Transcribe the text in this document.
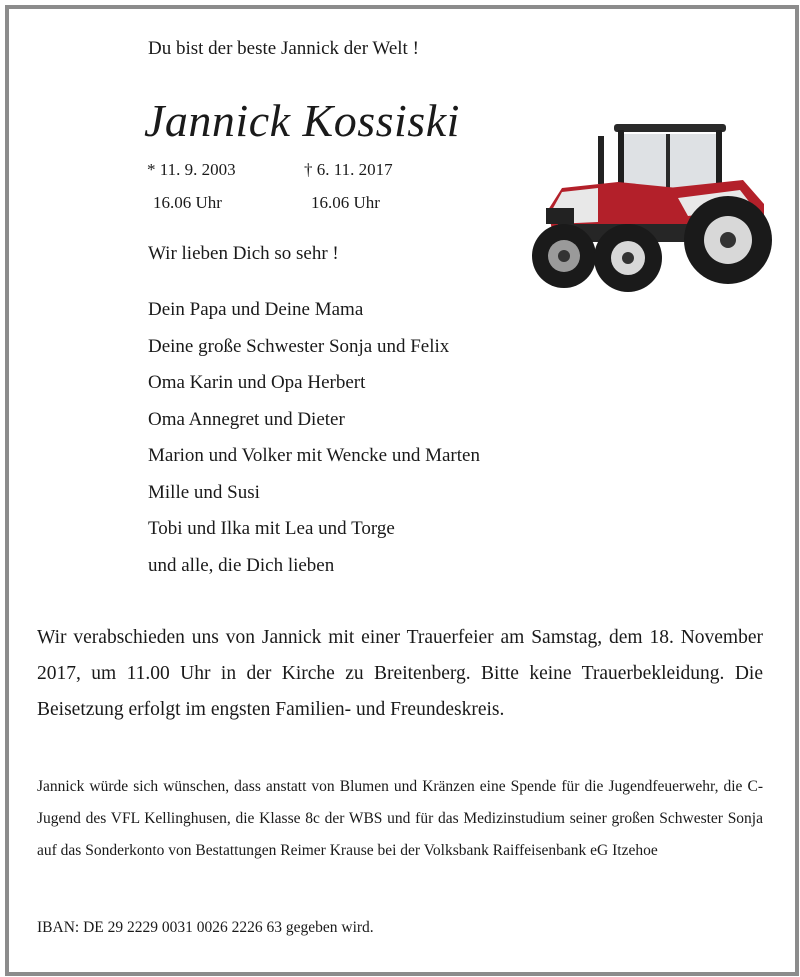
Du bist der beste Jannick der Welt !
Jannick Kossiski
* 11. 9. 2003	† 6. 11. 2017
16.06 Uhr	16.06 Uhr
Wir lieben Dich so sehr !
Dein Papa und Deine Mama
Deine große Schwester Sonja und Felix
Oma Karin und Opa Herbert
Oma Annegret und Dieter
Marion und Volker mit Wencke und Marten
Mille und Susi
Tobi und Ilka mit Lea und Torge
und alle, die Dich lieben

Wir verabschieden uns von Jannick mit einer Trauerfeier am Samstag, dem 18. November 2017, um 11.00 Uhr in der Kirche zu Breitenberg. Bitte keine Trauerbekleidung. Die Beisetzung erfolgt im engsten Familien- und Freundeskreis.

Jannick würde sich wünschen, dass anstatt von Blumen und Kränzen eine Spende für die Jugendfeuerwehr, die C-Jugend des VFL Kellinghusen, die Klasse 8c der WBS und für das Medizinstudium seiner großen Schwester Sonja auf das Sonderkonto von Bestattungen Reimer Krause bei der Volksbank Raiffeisenbank eG Itzehoe

IBAN: DE 29 2229 0031 0026 2226 63 gegeben wird.
